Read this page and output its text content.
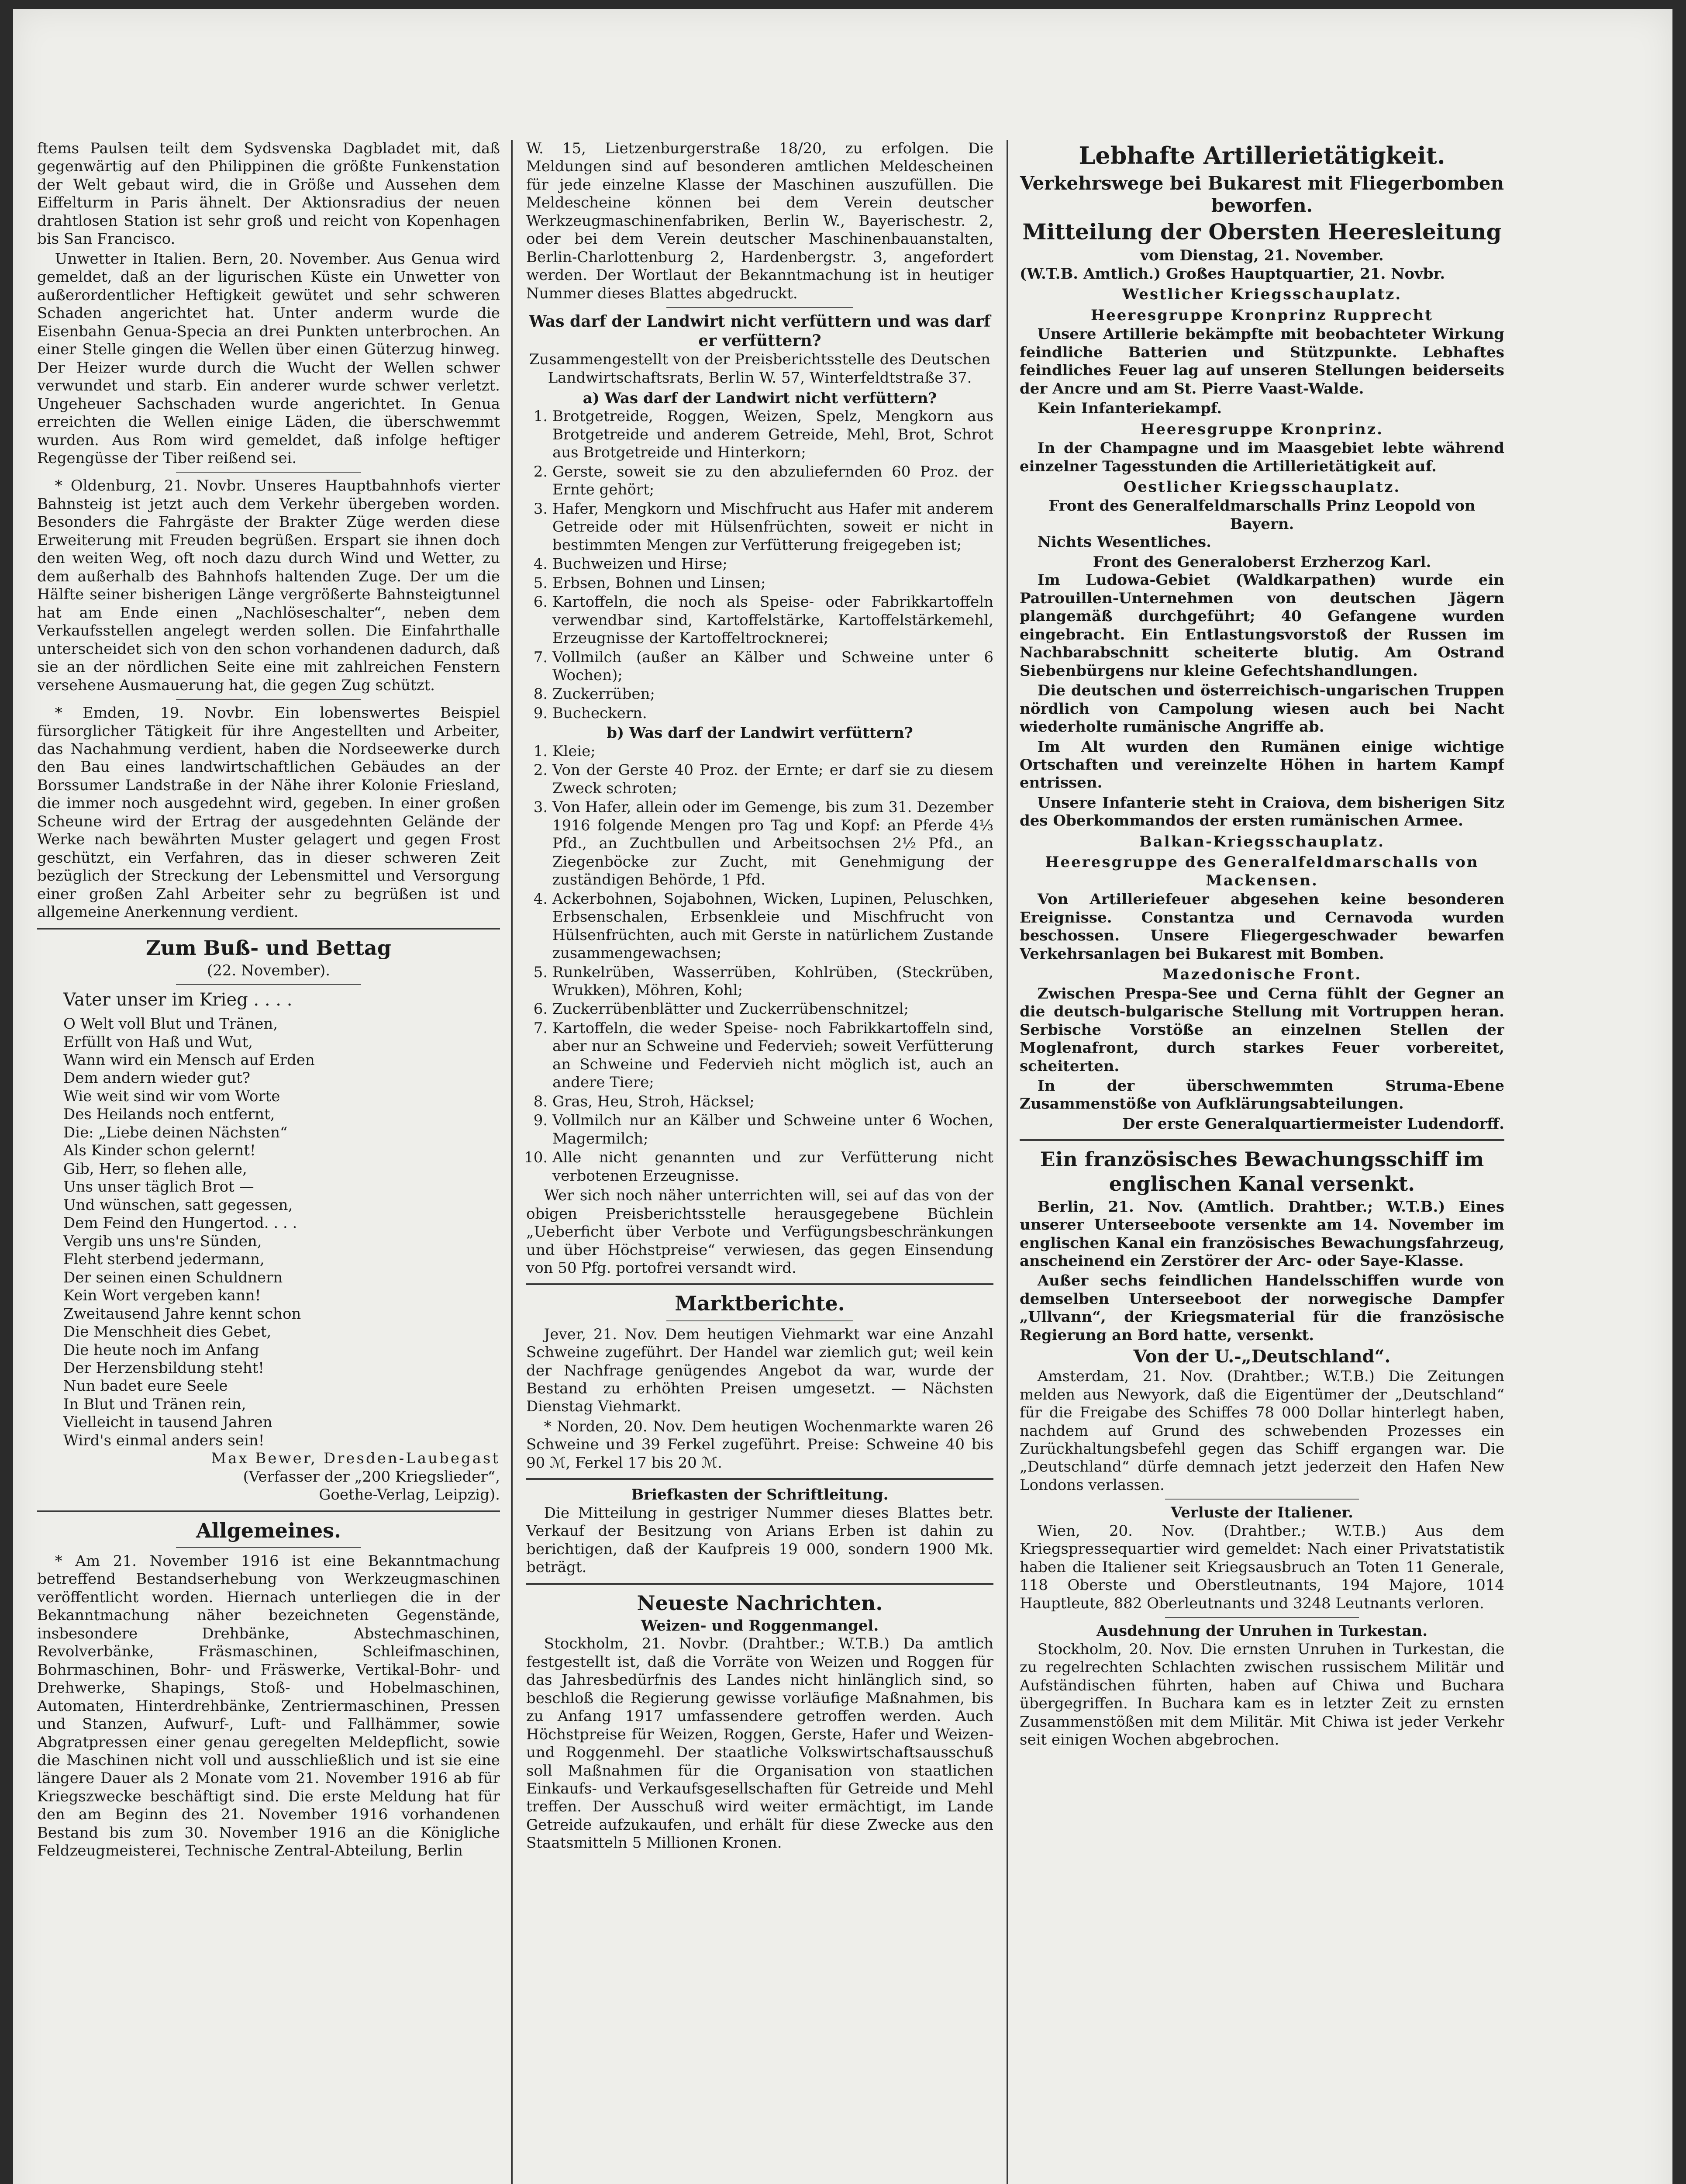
ftems Paulsen teilt dem Sydsvenska Dagbladet mit, daß gegenwärtig auf den Philippinen die größte Funkenstation der Welt gebaut wird, die in Größe und Aussehen dem Eiffelturm in Paris ähnelt. Der Aktionsradius der neuen drahtlosen Station ist sehr groß und reicht von Kopenhagen bis San Francisco.

Unwetter in Italien. Bern, 20. November. Aus Genua wird gemeldet, daß an der ligurischen Küste ein Unwetter von außerordentlicher Heftigkeit gewütet und sehr schweren Schaden angerichtet hat. Unter anderm wurde die Eisenbahn Genua-Specia an drei Punkten unterbrochen. An einer Stelle gingen die Wellen über einen Güterzug hinweg. Der Heizer wurde durch die Wucht der Wellen schwer verwundet und starb. Ein anderer wurde schwer verletzt. Ungeheuer Sachschaden wurde angerichtet. In Genua erreichten die Wellen einige Läden, die überschwemmt wurden. Aus Rom wird gemeldet, daß infolge heftiger Regengüsse der Tiber reißend sei.

* Oldenburg, 21. Novbr. Unseres Hauptbahnhofs vierter Bahnsteig ist jetzt auch dem Verkehr übergeben worden. Besonders die Fahrgäste der Brakter Züge werden diese Erweiterung mit Freuden begrüßen. Erspart sie ihnen doch den weiten Weg, oft noch dazu durch Wind und Wetter, zu dem außerhalb des Bahnhofs haltenden Zuge. Der um die Hälfte seiner bisherigen Länge vergrößerte Bahnsteigtunnel hat am Ende einen „Nachlöseschalter“, neben dem Verkaufsstellen angelegt werden sollen. Die Einfahrthalle unterscheidet sich von den schon vorhandenen dadurch, daß sie an der nördlichen Seite eine mit zahlreichen Fenstern versehene Ausmauerung hat, die gegen Zug schützt.

* Emden, 19. Novbr. Ein lobenswertes Beispiel fürsorglicher Tätigkeit für ihre Angestellten und Arbeiter, das Nachahmung verdient, haben die Nordseewerke durch den Bau eines landwirtschaftlichen Gebäudes an der Borssumer Landstraße in der Nähe ihrer Kolonie Friesland, die immer noch ausgedehnt wird, gegeben. In einer großen Scheune wird der Ertrag der ausgedehnten Gelände der Werke nach bewährten Muster gelagert und gegen Frost geschützt, ein Verfahren, das in dieser schweren Zeit bezüglich der Streckung der Lebensmittel und Versorgung einer großen Zahl Arbeiter sehr zu begrüßen ist und allgemeine Anerkennung verdient.

Zum Buß- und Bettag
(22. November).
Vater unser im Krieg . . . .
O Welt voll Blut und Tränen,
Erfüllt von Haß und Wut,
Wann wird ein Mensch auf Erden
Dem andern wieder gut?
Wie weit sind wir vom Worte
Des Heilands noch entfernt,
Die: „Liebe deinen Nächsten“
Als Kinder schon gelernt!
Gib, Herr, so flehen alle,
Uns unser täglich Brot —
Und wünschen, satt gegessen,
Dem Feind den Hungertod. . . .
Vergib uns uns're Sünden,
Fleht sterbend jedermann,
Der seinen einen Schuldnern
Kein Wort vergeben kann!
Zweitausend Jahre kennt schon
Die Menschheit dies Gebet,
Die heute noch im Anfang
Der Herzensbildung steht!
Nun badet eure Seele
In Blut und Tränen rein,
Vielleicht in tausend Jahren
Wird's einmal anders sein!
Max Bewer, Dresden-Laubegast
(Verfasser der „200 Kriegslieder“,
Goethe-Verlag, Leipzig).
Allgemeines.

* Am 21. November 1916 ist eine Bekanntmachung betreffend Bestandserhebung von Werkzeugmaschinen veröffentlicht worden. Hiernach unterliegen die in der Bekanntmachung näher bezeichneten Gegenstände, insbesondere Drehbänke, Abstechmaschinen, Revolverbänke, Fräsmaschinen, Schleifmaschinen, Bohrmaschinen, Bohr- und Fräswerke, Vertikal-Bohr- und Drehwerke, Shapings, Stoß- und Hobelmaschinen, Automaten, Hinterdrehbänke, Zentriermaschinen, Pressen und Stanzen, Aufwurf-, Luft- und Fallhämmer, sowie Abgratpressen einer genau geregelten Meldepflicht, sowie die Maschinen nicht voll und ausschließlich und ist sie eine längere Dauer als 2 Monate vom 21. November 1916 ab für Kriegszwecke beschäftigt sind. Die erste Meldung hat für den am Beginn des 21. November 1916 vorhandenen Bestand bis zum 30. November 1916 an die Königliche Feldzeugmeisterei, Technische Zentral-Abteilung, Berlin

W. 15, Lietzenburgerstraße 18/20, zu erfolgen. Die Meldungen sind auf besonderen amtlichen Meldescheinen für jede einzelne Klasse der Maschinen auszufüllen. Die Meldescheine können bei dem Verein deutscher Werkzeugmaschinenfabriken, Berlin W., Bayerischestr. 2, oder bei dem Verein deutscher Maschinenbauanstalten, Berlin-Charlottenburg 2, Hardenbergstr. 3, angefordert werden. Der Wortlaut der Bekanntmachung ist in heutiger Nummer dieses Blattes abgedruckt.

Was darf der Landwirt nicht verfüttern und was darf er verfüttern?
Zusammengestellt von der Preisberichtsstelle des Deutschen Landwirtschaftsrats, Berlin W. 57, Winterfeldtstraße 37.
a) Was darf der Landwirt nicht verfüttern?
1. Brotgetreide, Roggen, Weizen, Spelz, Mengkorn aus Brotgetreide und anderem Getreide, Mehl, Brot, Schrot aus Brotgetreide und Hinterkorn;
2. Gerste, soweit sie zu den abzuliefernden 60 Proz. der Ernte gehört;
3. Hafer, Mengkorn und Mischfrucht aus Hafer mit anderem Getreide oder mit Hülsenfrüchten, soweit er nicht in bestimmten Mengen zur Verfütterung freigegeben ist;
4. Buchweizen und Hirse;
5. Erbsen, Bohnen und Linsen;
6. Kartoffeln, die noch als Speise- oder Fabrikkartoffeln verwendbar sind, Kartoffelstärke, Kartoffelstärkemehl, Erzeugnisse der Kartoffeltrocknerei;
7. Vollmilch (außer an Kälber und Schweine unter 6 Wochen);
8. Zuckerrüben;
9. Bucheckern.
b) Was darf der Landwirt verfüttern?
1. Kleie;
2. Von der Gerste 40 Proz. der Ernte; er darf sie zu diesem Zweck schroten;
3. Von Hafer, allein oder im Gemenge, bis zum 31. Dezember 1916 folgende Mengen pro Tag und Kopf: an Pferde 4⅓ Pfd., an Zuchtbullen und Arbeitsochsen 2½ Pfd., an Ziegenböcke zur Zucht, mit Genehmigung der zuständigen Behörde, 1 Pfd.
4. Ackerbohnen, Sojabohnen, Wicken, Lupinen, Peluschken, Erbsenschalen, Erbsenkleie und Mischfrucht von Hülsenfrüchten, auch mit Gerste in natürlichem Zustande zusammengewachsen;
5. Runkelrüben, Wasserrüben, Kohlrüben, (Steckrüben, Wrukken), Möhren, Kohl;
6. Zuckerrübenblätter und Zuckerrübenschnitzel;
7. Kartoffeln, die weder Speise- noch Fabrikkartoffeln sind, aber nur an Schweine und Federvieh; soweit Verfütterung an Schweine und Federvieh nicht möglich ist, auch an andere Tiere;
8. Gras, Heu, Stroh, Häcksel;
9. Vollmilch nur an Kälber und Schweine unter 6 Wochen, Magermilch;
10. Alle nicht genannten und zur Verfütterung nicht verbotenen Erzeugnisse.

Wer sich noch näher unterrichten will, sei auf das von der obigen Preisberichtsstelle herausgegebene Büchlein „Ueberficht über Verbote und Verfügungsbeschränkungen und über Höchstpreise“ verwiesen, das gegen Einsendung von 50 Pfg. portofrei versandt wird.

Marktberichte.

Jever, 21. Nov. Dem heutigen Viehmarkt war eine Anzahl Schweine zugeführt. Der Handel war ziemlich gut; weil kein der Nachfrage genügendes Angebot da war, wurde der Bestand zu erhöhten Preisen umgesetzt. — Nächsten Dienstag Viehmarkt.

* Norden, 20. Nov. Dem heutigen Wochenmarkte waren 26 Schweine und 39 Ferkel zugeführt. Preise: Schweine 40 bis 90 ℳ, Ferkel 17 bis 20 ℳ.

Briefkasten der Schriftleitung.

Die Mitteilung in gestriger Nummer dieses Blattes betr. Verkauf der Besitzung von Arians Erben ist dahin zu berichtigen, daß der Kaufpreis 19 000, sondern 1900 Mk. beträgt.

Neueste Nachrichten.
Weizen- und Roggenmangel.

Stockholm, 21. Novbr. (Drahtber.; W.T.B.) Da amtlich festgestellt ist, daß die Vorräte von Weizen und Roggen für das Jahresbedürfnis des Landes nicht hinlänglich sind, so beschloß die Regierung gewisse vorläufige Maßnahmen, bis zu Anfang 1917 umfassendere getroffen werden. Auch Höchstpreise für Weizen, Roggen, Gerste, Hafer und Weizen- und Roggenmehl. Der staatliche Volkswirtschaftsausschuß soll Maßnahmen für die Organisation von staatlichen Einkaufs- und Verkaufsgesellschaften für Getreide und Mehl treffen. Der Ausschuß wird weiter ermächtigt, im Lande Getreide aufzukaufen, und erhält für diese Zwecke aus den Staatsmitteln 5 Millionen Kronen.

Lebhafte Artillerietätigkeit.
Verkehrswege bei Bukarest mit Fliegerbomben beworfen.
Mitteilung der Obersten Heeresleitung
vom Dienstag, 21. November.
(W.T.B. Amtlich.) Großes Hauptquartier, 21. Novbr.
Westlicher Kriegsschauplatz.
Heeresgruppe Kronprinz Rupprecht

Unsere Artillerie bekämpfte mit beobachteter Wirkung feindliche Batterien und Stützpunkte. Lebhaftes feindliches Feuer lag auf unseren Stellungen beiderseits der Ancre und am St. Pierre Vaast-Walde.

Kein Infanteriekampf.

Heeresgruppe Kronprinz.

In der Champagne und im Maasgebiet lebte während einzelner Tagesstunden die Artillerietätigkeit auf.

Oestlicher Kriegsschauplatz.
Front des Generalfeldmarschalls Prinz Leopold von Bayern.

Nichts Wesentliches.

Front des Generaloberst Erzherzog Karl.

Im Ludowa-Gebiet (Waldkarpathen) wurde ein Patrouillen-Unternehmen von deutschen Jägern plangemäß durchgeführt; 40 Gefangene wurden eingebracht. Ein Entlastungsvorstoß der Russen im Nachbarabschnitt scheiterte blutig. Am Ostrand Siebenbürgens nur kleine Gefechtshandlungen.

Die deutschen und österreichisch-ungarischen Truppen nördlich von Campolung wiesen auch bei Nacht wiederholte rumänische Angriffe ab.

Im Alt wurden den Rumänen einige wichtige Ortschaften und vereinzelte Höhen in hartem Kampf entrissen.

Unsere Infanterie steht in Craiova, dem bisherigen Sitz des Oberkommandos der ersten rumänischen Armee.

Balkan-Kriegsschauplatz.
Heeresgruppe des Generalfeldmarschalls von Mackensen.

Von Artilleriefeuer abgesehen keine besonderen Ereignisse. Constantza und Cernavoda wurden beschossen. Unsere Fliegergeschwader bewarfen Verkehrsanlagen bei Bukarest mit Bomben.

Mazedonische Front.

Zwischen Prespa-See und Cerna fühlt der Gegner an die deutsch-bulgarische Stellung mit Vortruppen heran. Serbische Vorstöße an einzelnen Stellen der Moglenafront, durch starkes Feuer vorbereitet, scheiterten.

In der überschwemmten Struma-Ebene Zusammenstöße von Aufklärungsabteilungen.

Der erste Generalquartiermeister Ludendorff.
Ein französisches Bewachungsschiff im englischen Kanal versenkt.

Berlin, 21. Nov. (Amtlich. Drahtber.; W.T.B.) Eines unserer Unterseeboote versenkte am 14. November im englischen Kanal ein französisches Bewachungsfahrzeug, anscheinend ein Zerstörer der Arc- oder Saye-Klasse.

Außer sechs feindlichen Handelsschiffen wurde von demselben Unterseeboot der norwegische Dampfer „Ullvann“, der Kriegsmaterial für die französische Regierung an Bord hatte, versenkt.

Von der U.-„Deutschland“.

Amsterdam, 21. Nov. (Drahtber.; W.T.B.) Die Zeitungen melden aus Newyork, daß die Eigentümer der „Deutschland“ für die Freigabe des Schiffes 78 000 Dollar hinterlegt haben, nachdem auf Grund des schwebenden Prozesses ein Zurückhaltungsbefehl gegen das Schiff ergangen war. Die „Deutschland“ dürfe demnach jetzt jederzeit den Hafen New Londons verlassen.

Verluste der Italiener.

Wien, 20. Nov. (Drahtber.; W.T.B.) Aus dem Kriegspressequartier wird gemeldet: Nach einer Privatstatistik haben die Italiener seit Kriegsausbruch an Toten 11 Generale, 118 Oberste und Oberstleutnants, 194 Majore, 1014 Hauptleute, 882 Oberleutnants und 3248 Leutnants verloren.

Ausdehnung der Unruhen in Turkestan.

Stockholm, 20. Nov. Die ernsten Unruhen in Turkestan, die zu regelrechten Schlachten zwischen russischem Militär und Aufständischen führten, haben auf Chiwa und Buchara übergegriffen. In Buchara kam es in letzter Zeit zu ernsten Zusammenstößen mit dem Militär. Mit Chiwa ist jeder Verkehr seit einigen Wochen abgebrochen.
